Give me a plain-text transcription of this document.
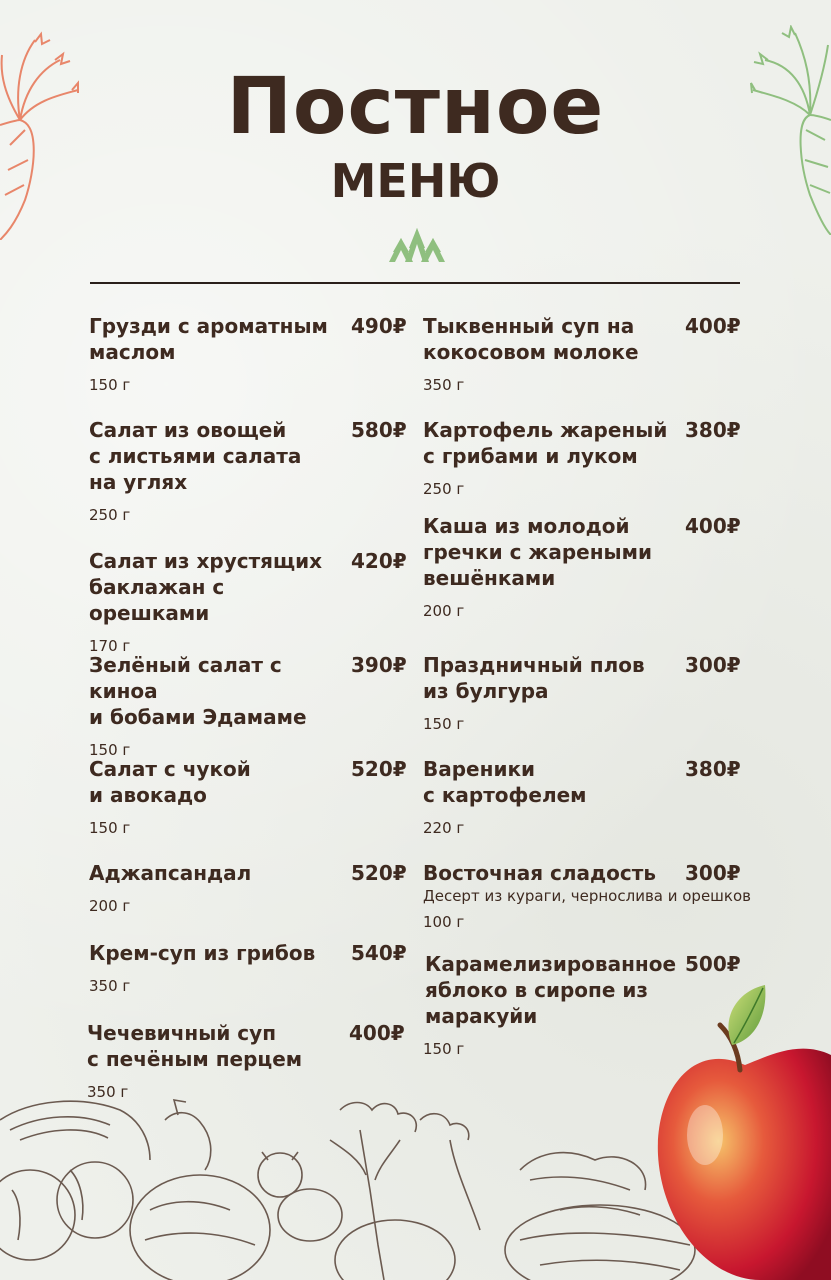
Постное
МЕНЮ
Грузди с ароматным
маслом
490₽
150 г
Салат из овощей
с листьями салата
на углях
580₽
250 г
Салат из хрустящих
баклажан с орешками
420₽
170 г
Зелёный салат с киноа
и бобами Эдамаме
390₽
150 г
Салат с чукой
и авокадо
520₽
150 г
Аджапсандал	520₽
200 г
Крем-суп из грибов	540₽
350 г
Чечевичный суп
с печёным перцем
400₽
350 г
Тыквенный суп на
кокосовом молоке
400₽
350 г
Картофель жареный
с грибами и луком
380₽
250 г
Каша из молодой
гречки с жареными
вешёнками
400₽
200 г
Праздничный плов
из булгура
300₽
150 г
Вареники
с картофелем
380₽
220 г
Восточная сладость	300₽
Десерт из кураги, чернослива и орешков
100 г
Карамелизированное
яблоко в сиропе из
маракуйи
500₽
150 г
